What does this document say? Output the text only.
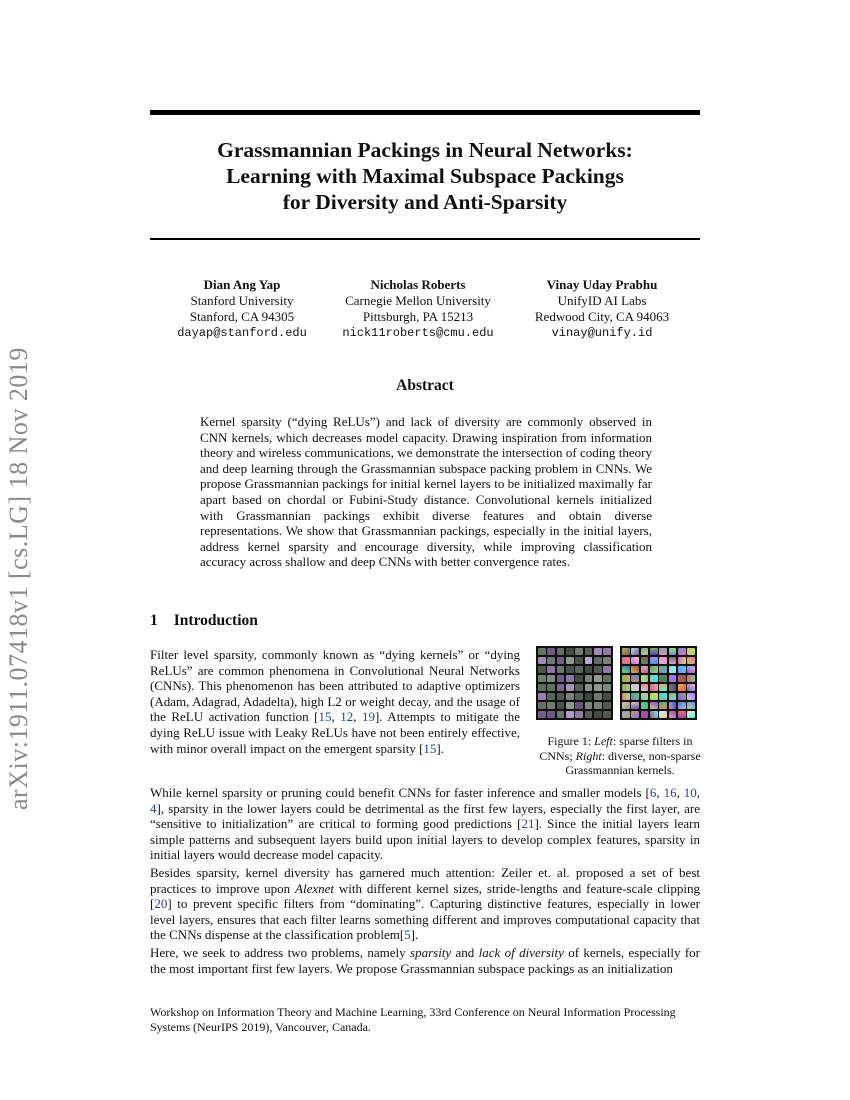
arXiv:1911.07418v1 [cs.LG] 18 Nov 2019
Grassmannian Packings in Neural Networks:
Learning with Maximal Subspace Packings
for Diversity and Anti-Sparsity
Dian Ang Yap
Stanford University
Stanford, CA 94305
dayap@stanford.edu
Nicholas Roberts
Carnegie Mellon University
Pittsburgh, PA 15213
nick11roberts@cmu.edu
Vinay Uday Prabhu
UnifyID AI Labs
Redwood City, CA 94063
vinay@unify.id
Abstract

Kernel sparsity (“dying ReLUs”) and lack of diversity are commonly observed in CNN kernels, which decreases model capacity. Drawing inspiration from information theory and wireless communications, we demonstrate the intersection of coding theory and deep learning through the Grassmannian subspace packing problem in CNNs. We propose Grassmannian packings for initial kernel layers to be initialized maximally far apart based on chordal or Fubini-Study distance. Convolutional kernels initialized with Grassmannian packings exhibit diverse features and obtain diverse representations. We show that Grassmannian packings, especially in the initial layers, address kernel sparsity and encourage diversity, while improving classification accuracy across shallow and deep CNNs with better convergence rates.

1 Introduction

Filter level sparsity, commonly known as “dying kernels” or “dying ReLUs” are common phenomena in Convolutional Neural Networks (CNNs). This phenomenon has been attributed to adaptive optimizers (Adam, Adagrad, Adadelta), high L2 or weight decay, and the usage of the ReLU activation function [15, 12, 19]. Attempts to mitigate the dying ReLU issue with Leaky ReLUs have not been entirely effective, with minor overall impact on the emergent sparsity [15].	Figure 1: Left: sparse filters in CNNs; Right: diverse, non-sparse Grassmannian kernels.

While kernel sparsity or pruning could benefit CNNs for faster inference and smaller models [6, 16, 10, 4], sparsity in the lower layers could be detrimental as the first few layers, especially the first layer, are “sensitive to initialization” are critical to forming good predictions [21]. Since the initial layers learn simple patterns and subsequent layers build upon initial layers to develop complex features, sparsity in initial layers would decrease model capacity.

Besides sparsity, kernel diversity has garnered much attention: Zeiler et. al. proposed a set of best practices to improve upon Alexnet with different kernel sizes, stride-lengths and feature-scale clipping [20] to prevent specific filters from “dominating”. Capturing distinctive features, especially in lower level layers, ensures that each filter learns something different and improves computational capacity that the CNNs dispense at the classification problem[5].

Here, we seek to address two problems, namely sparsity and lack of diversity of kernels, especially for the most important first few layers. We propose Grassmannian subspace packings as an initialization

Workshop on Information Theory and Machine Learning, 33rd Conference on Neural Information Processing Systems (NeurIPS 2019), Vancouver, Canada.
